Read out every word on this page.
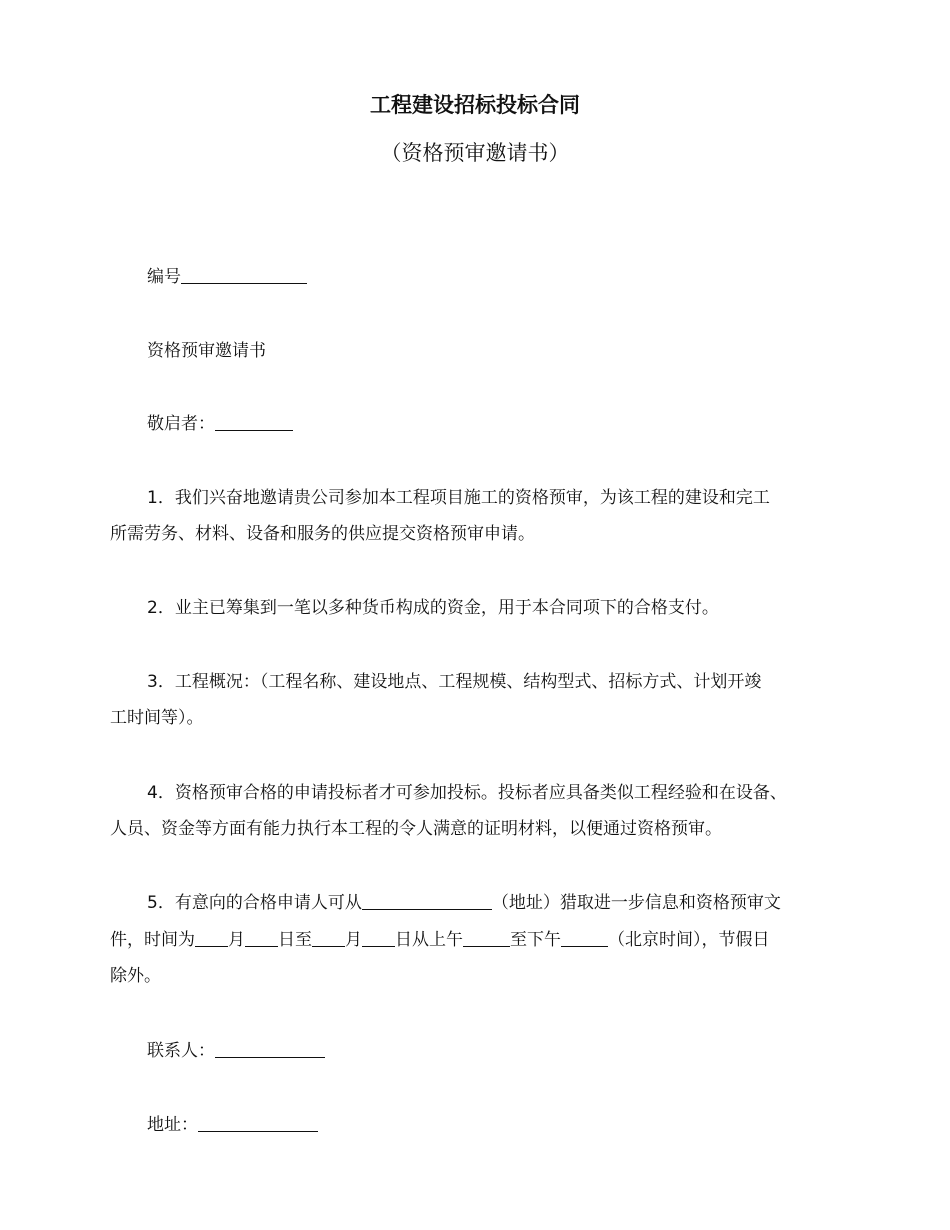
工程建设招标投标合同
（资格预审邀请书）
编号
资格预审邀请书
敬启者：
1．我们兴奋地邀请贵公司参加本工程项目施工的资格预审，为该工程的建设和完工
所需劳务、材料、设备和服务的供应提交资格预审申请。
2．业主已筹集到一笔以多种货币构成的资金，用于本合同项下的合格支付。
3．工程概况：（工程名称、建设地点、工程规模、结构型式、招标方式、计划开竣
工时间等）。
4．资格预审合格的申请投标者才可参加投标。投标者应具备类似工程经验和在设备、
人员、资金等方面有能力执行本工程的令人满意的证明材料，以便通过资格预审。
5．有意向的合格申请人可从	（地址）猎取进一步信息和资格预审文
件，时间为 月 日至 月 日从上午	至下午	（北京时间），节假日
除外。
联系人：
地址：
